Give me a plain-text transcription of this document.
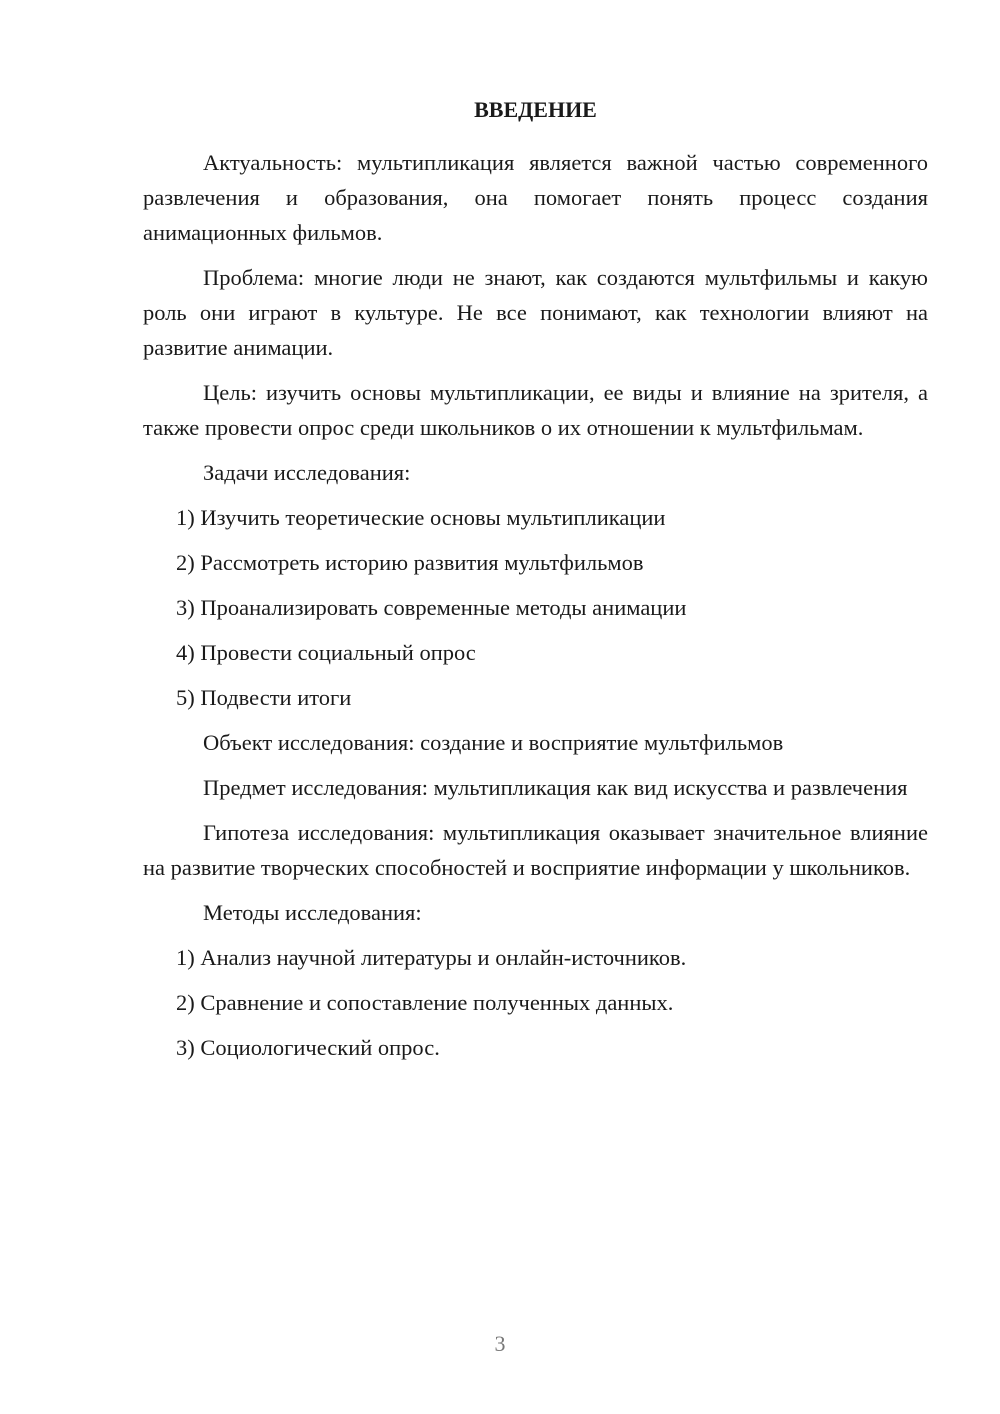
ВВЕДЕНИЕ

Актуальность: мультипликация является важной частью современного развлечения и образования, она помогает понять процесс создания анимационных фильмов.

Проблема: многие люди не знают, как создаются мультфильмы и какую роль они играют в культуре. Не все понимают, как технологии влияют на развитие анимации.

Цель: изучить основы мультипликации, ее виды и влияние на зрителя, а также провести опрос среди школьников о их отношении к мультфильмам.

Задачи исследования:
1) Изучить теоретические основы мультипликации
2) Рассмотреть историю развития мультфильмов
3) Проанализировать современные методы анимации
4) Провести социальный опрос
5) Подвести итоги
Объект исследования: создание и восприятие мультфильмов

Предмет исследования: мультипликация как вид искусства и развлечения

Гипотеза исследования: мультипликация оказывает значительное влияние на развитие творческих способностей и восприятие информации у школьников.

Методы исследования:
1) Анализ научной литературы и онлайн-источников.
2) Сравнение и сопоставление полученных данных.
3) Социологический опрос.
3
